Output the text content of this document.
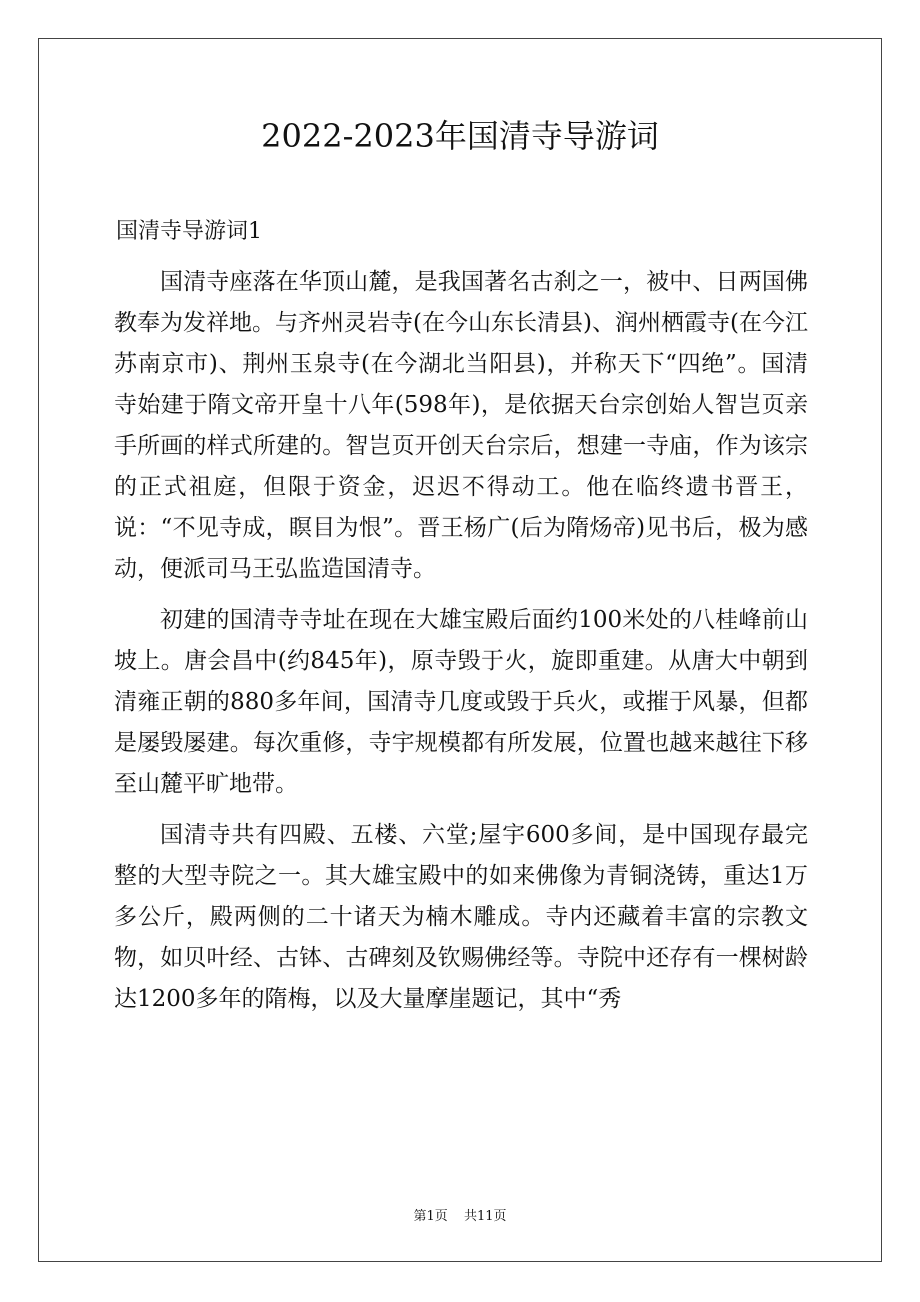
2022-2023年国清寺导游词
国清寺导游词1

国清寺座落在华顶山麓，是我国著名古刹之一，被中、日两国佛教奉为发祥地。与齐州灵岩寺(在今山东长清县)、润州栖霞寺(在今江苏南京市)、荆州玉泉寺(在今湖北当阳县)，并称天下“四绝”。国清寺始建于隋文帝开皇十八年(598年)，是依据天台宗创始人智岂页亲手所画的样式所建的。智岂页开创天台宗后，想建一寺庙，作为该宗的正式祖庭，但限于资金，迟迟不得动工。他在临终遗书晋王，说：“不见寺成，瞑目为恨”。晋王杨广(后为隋炀帝)见书后，极为感动，便派司马王弘监造国清寺。

初建的国清寺寺址在现在大雄宝殿后面约100米处的八桂峰前山坡上。唐会昌中(约845年)，原寺毁于火，旋即重建。从唐大中朝到清雍正朝的880多年间，国清寺几度或毁于兵火，或摧于风暴，但都是屡毁屡建。每次重修，寺宇规模都有所发展，位置也越来越往下移至山麓平旷地带。

国清寺共有四殿、五楼、六堂;屋宇600多间，是中国现存最完整的大型寺院之一。其大雄宝殿中的如来佛像为青铜浇铸，重达1万多公斤，殿两侧的二十诸天为楠木雕成。寺内还藏着丰富的宗教文物，如贝叶经、古钵、古碑刻及钦赐佛经等。寺院中还存有一棵树龄达1200多年的隋梅，以及大量摩崖题记，其中“秀

第1页 共11页
